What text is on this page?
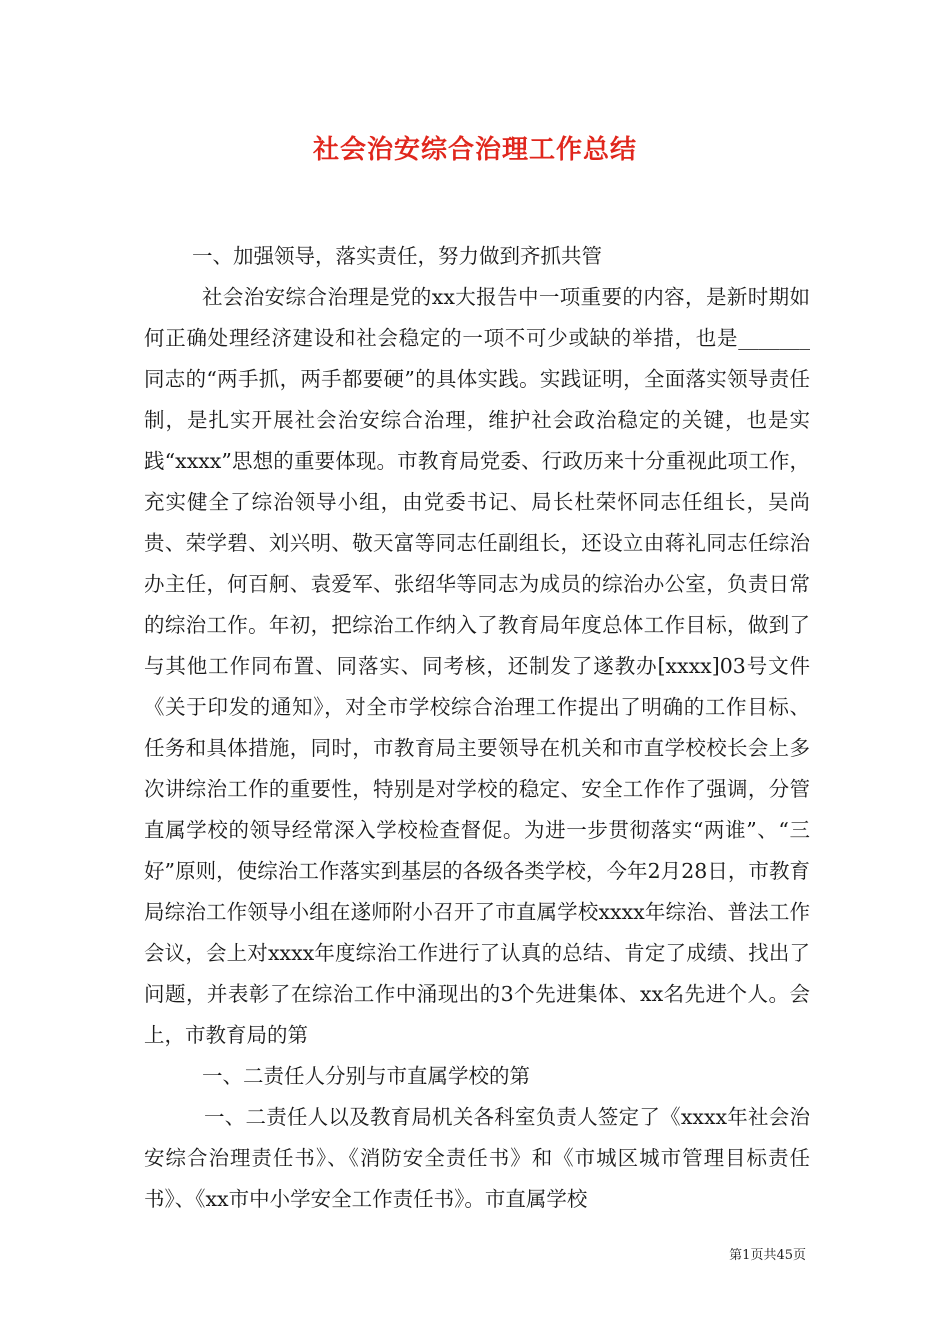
社会治安综合治理工作总结

一、加强领导，落实责任，努力做到齐抓共管

社会治安综合治理是党的xx大报告中一项重要的内容，是新时期如何正确处理经济建设和社会稳定的一项不可少或缺的举措，也是_______同志的“两手抓，两手都要硬”的具体实践。实践证明，全面落实领导责任制，是扎实开展社会治安综合治理，维护社会政治稳定的关键，也是实践“xxxx”思想的重要体现。市教育局党委、行政历来十分重视此项工作，充实健全了综治领导小组，由党委书记、局长杜荣怀同志任组长，吴尚贵、荣学碧、刘兴明、敬天富等同志任副组长，还设立由蒋礼同志任综治办主任，何百舸、袁爱军、张绍华等同志为成员的综治办公室，负责日常的综治工作。年初，把综治工作纳入了教育局年度总体工作目标，做到了与其他工作同布置、同落实、同考核，还制发了遂教办[xxxx]03号文件《关于印发的通知》，对全市学校综合治理工作提出了明确的工作目标、任务和具体措施，同时，市教育局主要领导在机关和市直学校校长会上多次讲综治工作的重要性，特别是对学校的稳定、安全工作作了强调，分管直属学校的领导经常深入学校检查督促。为进一步贯彻落实“两谁”、“三好”原则，使综治工作落实到基层的各级各类学校，今年2月28日，市教育局综治工作领导小组在遂师附小召开了市直属学校xxxx年综治、普法工作会议，会上对xxxx年度综治工作进行了认真的总结、肯定了成绩、找出了问题，并表彰了在综治工作中涌现出的3个先进集体、xx名先进个人。会上，市教育局的第

一、二责任人分别与市直属学校的第

一、二责任人以及教育局机关各科室负责人签定了《xxxx年社会治安综合治理责任书》、《消防安全责任书》和《市城区城市管理目标责任书》、《xx市中小学安全工作责任书》。市直属学校

第1页共45页
